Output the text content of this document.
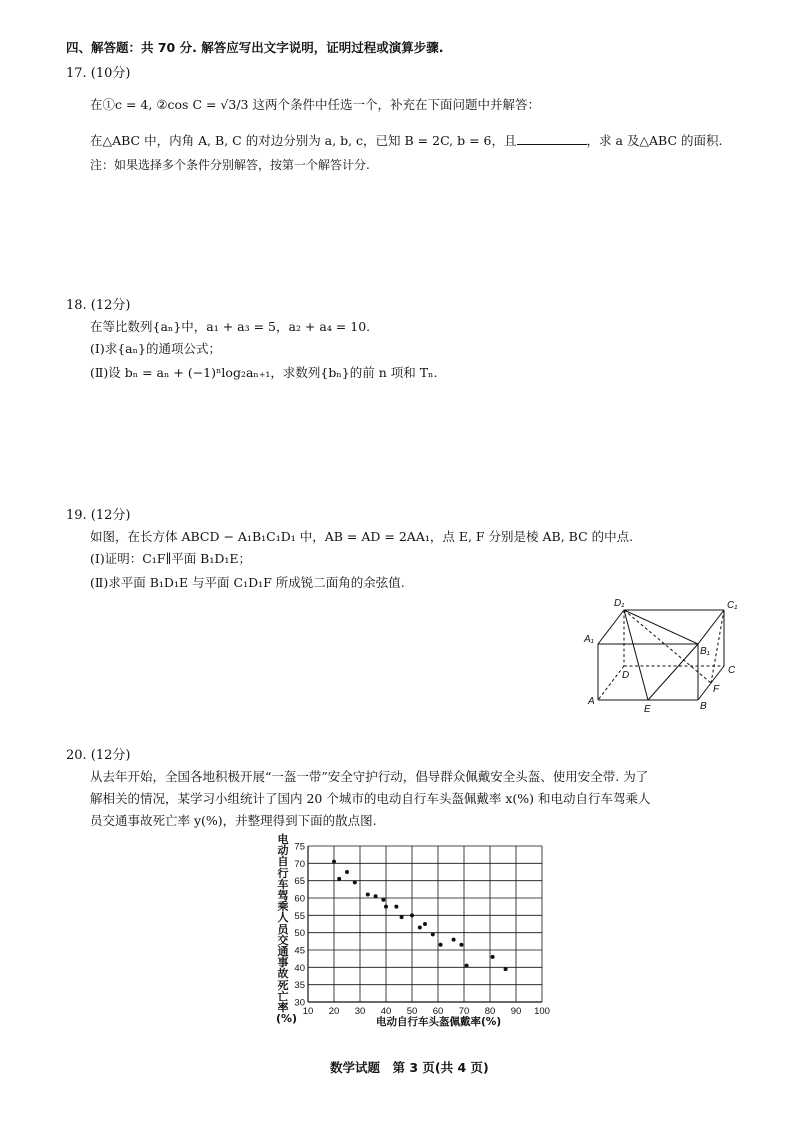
四、解答题：共 70 分. 解答应写出文字说明，证明过程或演算步骤.
17. (10分)
在①c = 4, ②cos C = √3/3 这两个条件中任选一个，补充在下面问题中并解答：
在△ABC 中，内角 A, B, C 的对边分别为 a, b, c，已知 B = 2C, b = 6，且	，求 a 及△ABC 的面积.
注：如果选择多个条件分别解答，按第一个解答计分.
18. (12分)
在等比数列{aₙ}中，a₁ + a₃ = 5，a₂ + a₄ = 10.
(Ⅰ)求{aₙ}的通项公式；
(Ⅱ)设 bₙ = aₙ + (−1)ⁿlog₂aₙ₊₁，求数列{bₙ}的前 n 项和 Tₙ.
19. (12分)
如图，在长方体 ABCD − A₁B₁C₁D₁ 中，AB = AD = 2AA₁，点 E, F 分别是棱 AB, BC 的中点.
(Ⅰ)证明：C₁F∥平面 B₁D₁E；
(Ⅱ)求平面 B₁D₁E 与平面 C₁D₁F 所成锐二面角的余弦值.
D₁	C₁
A₁
B₁
D	C
F
A
E	B
20. (12分)
从去年开始，全国各地积极开展“一盔一带”安全守护行动，倡导群众佩戴安全头盔、使用安全带. 为了
解相关的情况，某学习小组统计了国内 20 个城市的电动自行车头盔佩戴率 x(%) 和电动自行车驾乘人
员交通事故死亡率 y(%)，并整理得到下面的散点图.
电动自行车驾乘人员交通事故死亡率(%)
30
35
40
45
50
55
60
65
70
75
10 20 30 40 50 60 70 80 90 100
电动自行车头盔佩戴率(%)
数学试题　第 3 页(共 4 页)
